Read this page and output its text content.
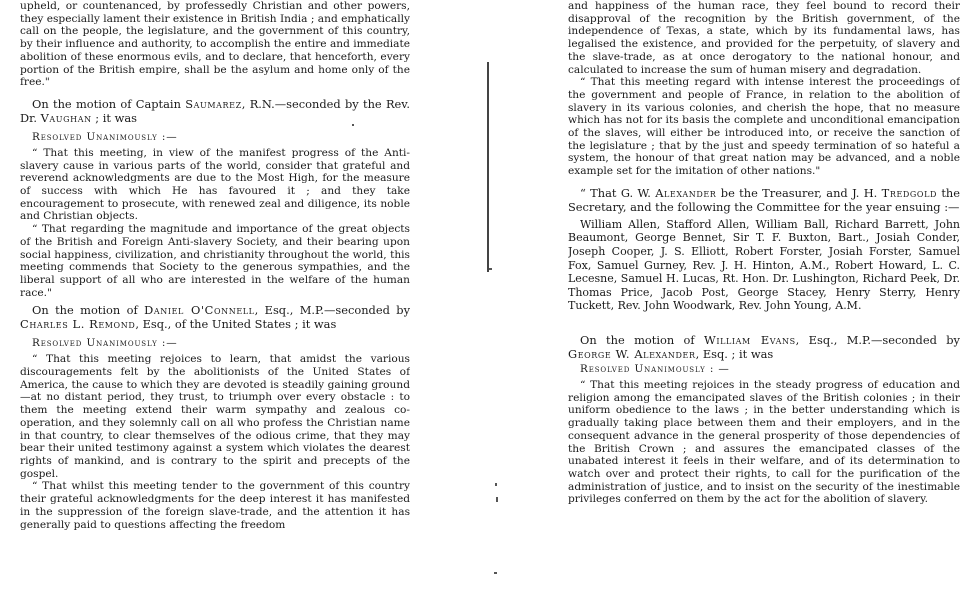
upheld, or countenanced, by professedly Christian and other powers, they especially lament their existence in British India ; and emphatically call on the people, the legislature, and the government of this country, by their influence and authority, to accomplish the entire and immediate abolition of these enormous evils, and to declare, that henceforth, every portion of the British empire, shall be the asylum and home only of the free."

On the motion of Captain Saumarez, R.N.—seconded by the Rev. Dr. Vaughan ; it was

Resolved Unanimously :—

“ That this meeting, in view of the manifest progress of the Anti-slavery cause in various parts of the world, consider that grateful and reverend acknowledgments are due to the Most High, for the measure of success with which He has favoured it ; and they take encouragement to prosecute, with renewed zeal and diligence, its noble and Christian objects.

“ That regarding the magnitude and importance of the great objects of the British and Foreign Anti-slavery Society, and their bearing upon social happiness, civilization, and christianity throughout the world, this meeting commends that Society to the generous sympathies, and the liberal support of all who are interested in the welfare of the human race."

On the motion of Daniel O'Connell, Esq., M.P.—seconded by Charles L. Remond, Esq., of the United States ; it was

Resolved Unanimously :—

“ That this meeting rejoices to learn, that amidst the various discouragements felt by the abolitionists of the United States of America, the cause to which they are devoted is steadily gaining ground—at no distant period, they trust, to triumph over every obstacle : to them the meeting extend their warm sympathy and zealous co-operation, and they solemnly call on all who profess the Christian name in that country, to clear themselves of the odious crime, that they may bear their united testimony against a system which violates the dearest rights of mankind, and is contrary to the spirit and precepts of the gospel.

“ That whilst this meeting tender to the government of this country their grateful acknowledgments for the deep interest it has manifested in the suppression of the foreign slave-trade, and the attention it has generally paid to questions affecting the freedom

and happiness of the human race, they feel bound to record their disapproval of the recognition by the British government, of the independence of Texas, a state, which by its fundamental laws, has legalised the existence, and provided for the perpetuity, of slavery and the slave-trade, as at once derogatory to the national honour, and calculated to increase the sum of human misery and degradation.

“ That this meeting regard with intense interest the proceedings of the government and people of France, in relation to the abolition of slavery in its various colonies, and cherish the hope, that no measure which has not for its basis the complete and unconditional emancipation of the slaves, will either be introduced into, or receive the sanction of the legislature ; that by the just and speedy termination of so hateful a system, the honour of that great nation may be advanced, and a noble example set for the imitation of other nations."

“ That G. W. Alexander be the Treasurer, and J. H. Tredgold the Secretary, and the following the Committee for the year ensuing :—

William Allen, Stafford Allen, William Ball, Richard Barrett, John Beaumont, George Bennet, Sir T. F. Buxton, Bart., Josiah Conder, Joseph Cooper, J. S. Elliott, Robert Forster, Josiah Forster, Samuel Fox, Samuel Gurney, Rev. J. H. Hinton, A.M., Robert Howard, L. C. Lecesne, Samuel H. Lucas, Rt. Hon. Dr. Lushington, Richard Peek, Dr. Thomas Price, Jacob Post, George Stacey, Henry Sterry, Henry Tuckett, Rev. John Woodwark, Rev. John Young, A.M.

On the motion of William Evans, Esq., M.P.—seconded by George W. Alexander, Esq. ; it was

Resolved Unanimously : —

“ That this meeting rejoices in the steady progress of education and religion among the emancipated slaves of the British colonies ; in their uniform obedience to the laws ; in the better understanding which is gradually taking place between them and their employers, and in the consequent advance in the general prosperity of those dependencies of the British Crown ; and assures the emancipated classes of the unabated interest it feels in their welfare, and of its determination to watch over and protect their rights, to call for the purification of the administration of justice, and to insist on the security of the inestimable privileges conferred on them by the act for the abolition of slavery.
